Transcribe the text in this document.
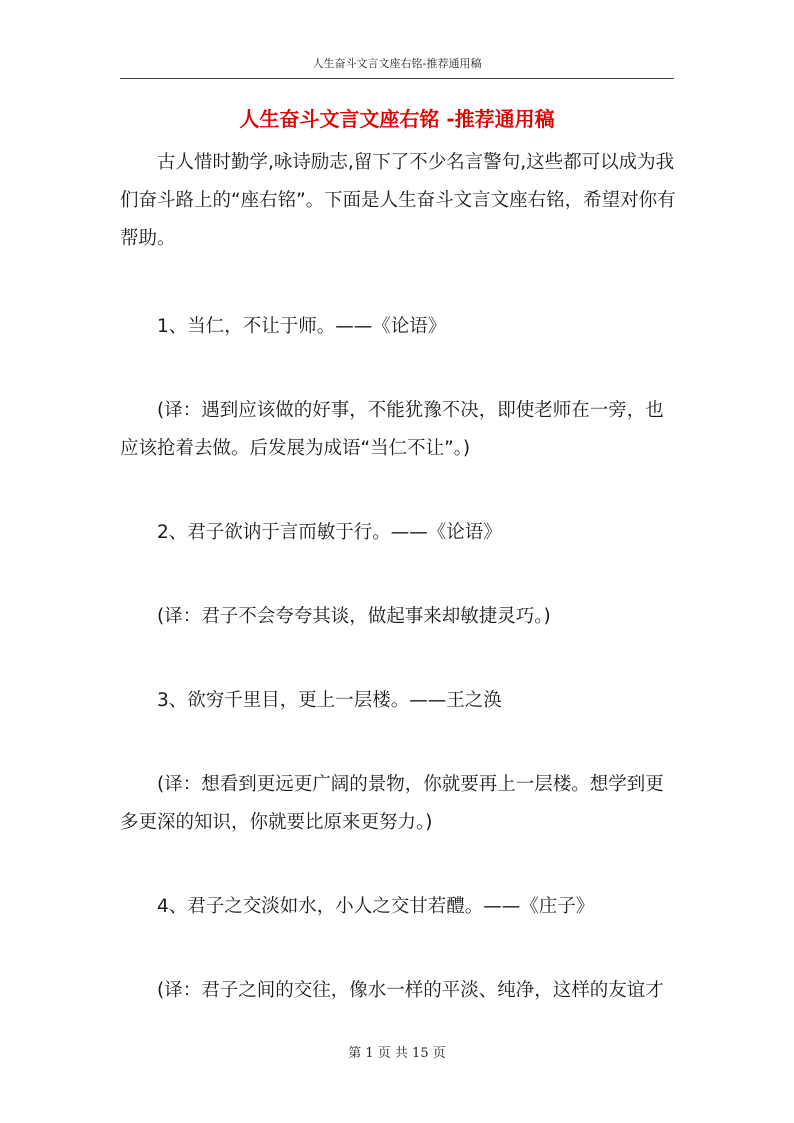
人生奋斗文言文座右铭-推荐通用稿
人生奋斗文言文座右铭 -推荐通用稿

古人惜时勤学,咏诗励志,留下了不少名言警句,这些都可以成为我们奋斗路上的“座右铭”。下面是人生奋斗文言文座右铭，希望对你有帮助。

1、当仁，不让于师。——《论语》

(译：遇到应该做的好事，不能犹豫不决，即使老师在一旁，也应该抢着去做。后发展为成语“当仁不让”。)

2、君子欲讷于言而敏于行。——《论语》

(译：君子不会夸夸其谈，做起事来却敏捷灵巧。)

3、欲穷千里目，更上一层楼。——王之涣

(译：想看到更远更广阔的景物，你就要再上一层楼。想学到更多更深的知识，你就要比原来更努力。)

4、君子之交淡如水，小人之交甘若醴。——《庄子》

(译：君子之间的交往，像水一样的平淡、纯净，这样的友谊才

第 1 页 共 15 页
